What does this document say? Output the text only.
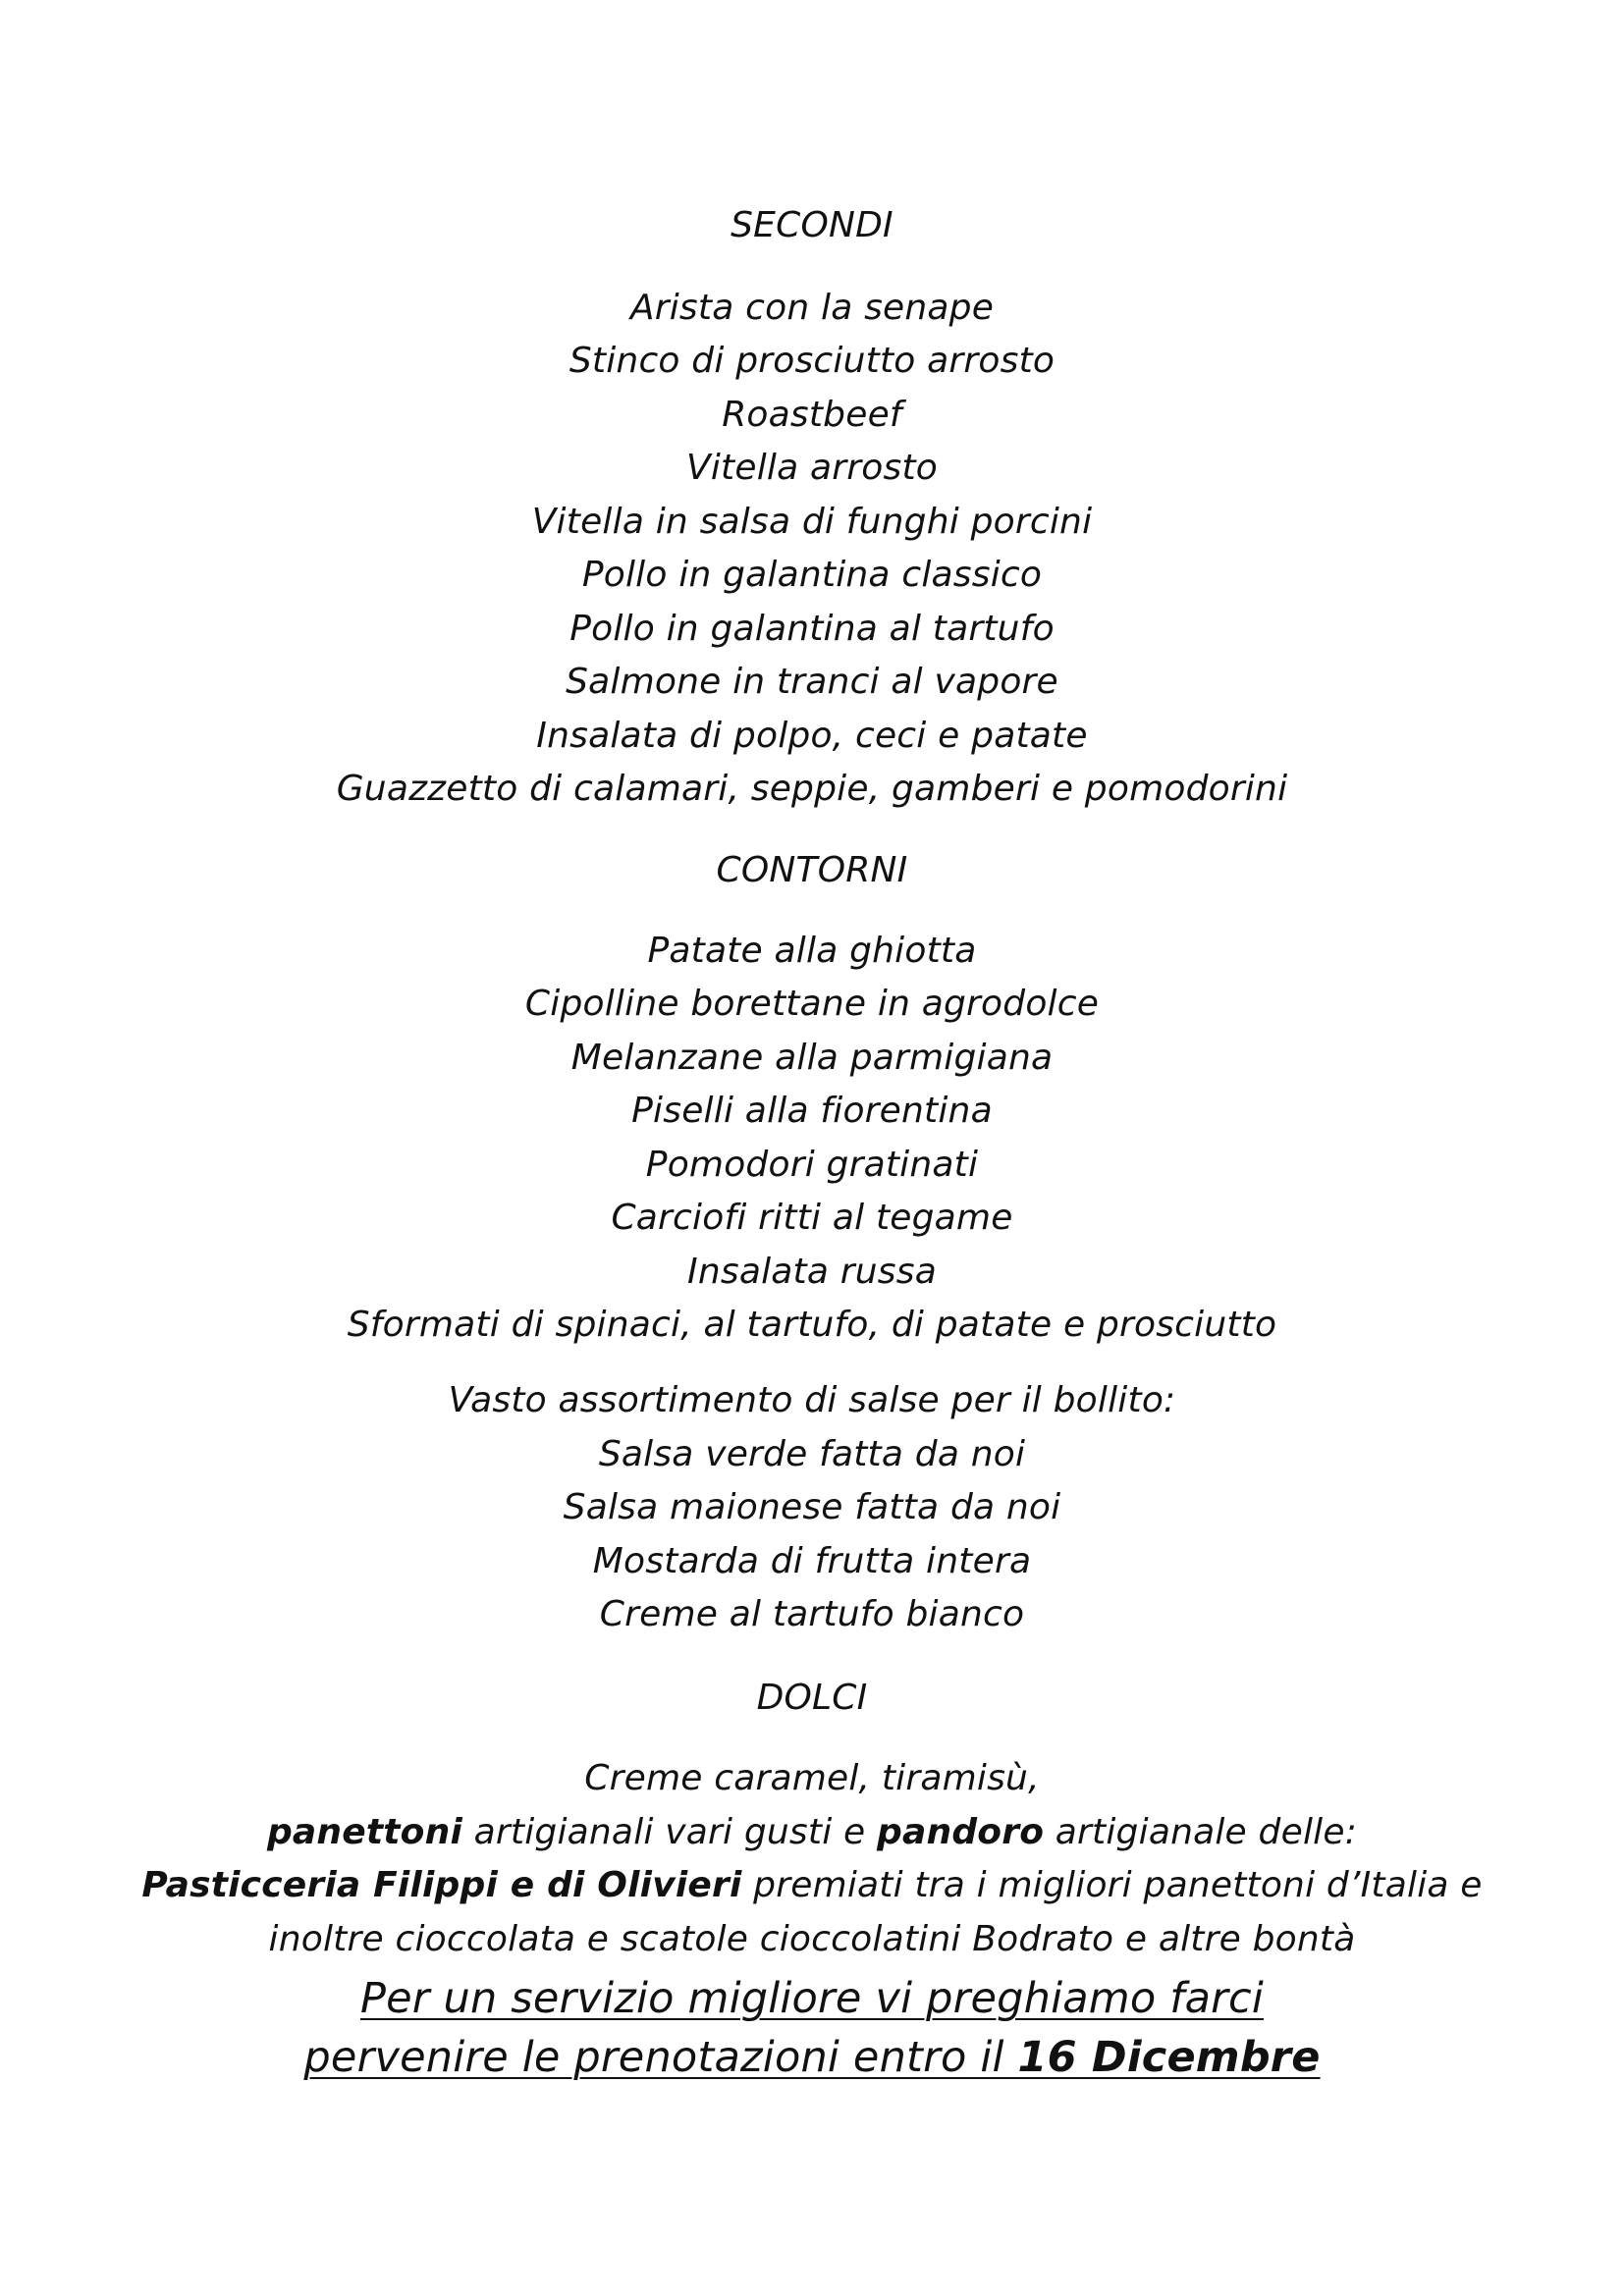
SECONDI
Arista con la senape
Stinco di prosciutto arrosto
Roastbeef
Vitella arrosto
Vitella in salsa di funghi porcini
Pollo in galantina classico
Pollo in galantina al tartufo
Salmone in tranci al vapore
Insalata di polpo, ceci e patate
Guazzetto di calamari, seppie, gamberi e pomodorini
CONTORNI
Patate alla ghiotta
Cipolline borettane in agrodolce
Melanzane alla parmigiana
Piselli alla fiorentina
Pomodori gratinati
Carciofi ritti al tegame
Insalata russa
Sformati di spinaci, al tartufo, di patate e prosciutto
Vasto assortimento di salse per il bollito:
Salsa verde fatta da noi
Salsa maionese fatta da noi
Mostarda di frutta intera
Creme al tartufo bianco
DOLCI
Creme caramel, tiramisù,
panettoni artigianali vari gusti e pandoro artigianale delle:
Pasticceria Filippi e di Olivieri premiati tra i migliori panettoni d’Italia e
inoltre cioccolata e scatole cioccolatini Bodrato e altre bontà
Per un servizio migliore vi preghiamo farci
pervenire le prenotazioni entro il 16 Dicembre
